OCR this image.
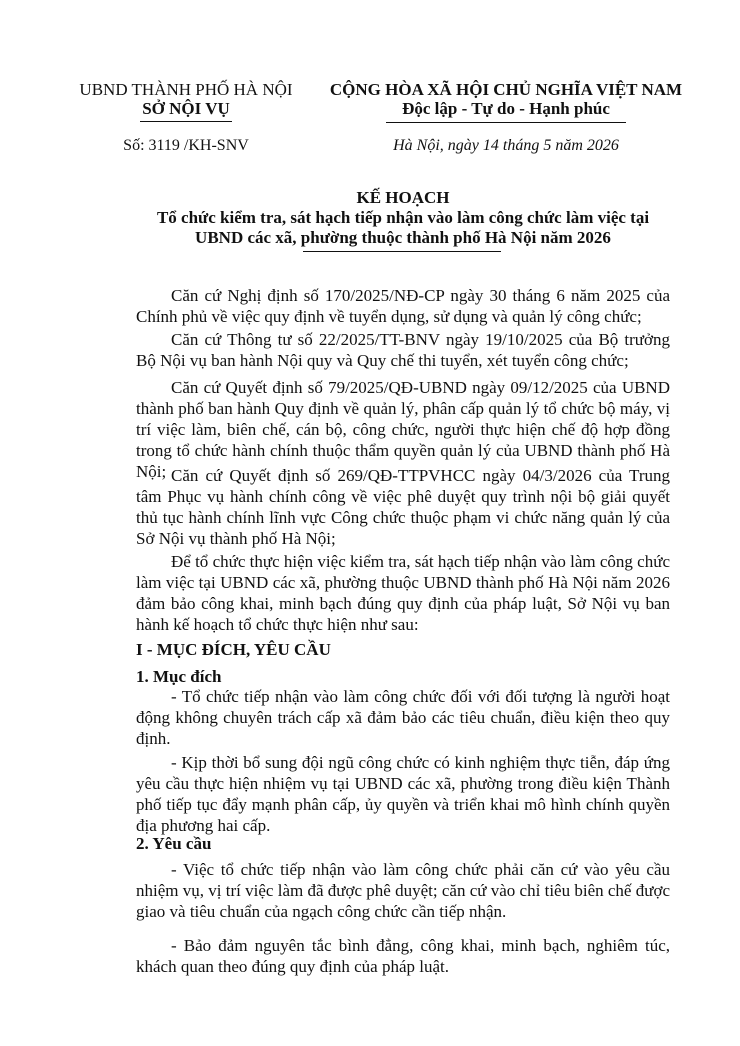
UBND THÀNH PHỐ HÀ NỘI
SỞ NỘI VỤ
Số: 3119 /KH-SNV
CỘNG HÒA XÃ HỘI CHỦ NGHĨA VIỆT NAM
Độc lập - Tự do - Hạnh phúc
Hà Nội, ngày 14 tháng 5 năm 2026
KẾ HOẠCH
Tổ chức kiểm tra, sát hạch tiếp nhận vào làm công chức làm việc tại
UBND các xã, phường thuộc thành phố Hà Nội năm 2026
Căn cứ Nghị định số 170/2025/NĐ-CP ngày 30 tháng 6 năm 2025 của Chính phủ về việc quy định về tuyển dụng, sử dụng và quản lý công chức;
Căn cứ Thông tư số 22/2025/TT-BNV ngày 19/10/2025 của Bộ trưởng Bộ Nội vụ ban hành Nội quy và Quy chế thi tuyển, xét tuyển công chức;
Căn cứ Quyết định số 79/2025/QĐ-UBND ngày 09/12/2025 của UBND thành phố ban hành Quy định về quản lý, phân cấp quản lý tổ chức bộ máy, vị trí việc làm, biên chế, cán bộ, công chức, người thực hiện chế độ hợp đồng trong tổ chức hành chính thuộc thẩm quyền quản lý của UBND thành phố Hà Nội; Căn cứ Quyết định số 269/QĐ-TTPVHCC ngày 04/3/2026 của Trung tâm Phục vụ hành chính công về việc phê duyệt quy trình nội bộ giải quyết thủ tục hành chính lĩnh vực Công chức thuộc phạm vi chức năng quản lý của Sở Nội vụ thành phố Hà Nội;
Để tổ chức thực hiện việc kiểm tra, sát hạch tiếp nhận vào làm công chức làm việc tại UBND các xã, phường thuộc UBND thành phố Hà Nội năm 2026 đảm bảo công khai, minh bạch đúng quy định của pháp luật, Sở Nội vụ ban hành kế hoạch tổ chức thực hiện như sau:
I - MỤC ĐÍCH, YÊU CẦU
1. Mục đích
- Tổ chức tiếp nhận vào làm công chức đối với đối tượng là người hoạt động không chuyên trách cấp xã đảm bảo các tiêu chuẩn, điều kiện theo quy định.
- Kịp thời bổ sung đội ngũ công chức có kinh nghiệm thực tiễn, đáp ứng yêu cầu thực hiện nhiệm vụ tại UBND các xã, phường trong điều kiện Thành phố tiếp tục đẩy mạnh phân cấp, ủy quyền và triển khai mô hình chính quyền địa phương hai cấp.
2. Yêu cầu
- Việc tổ chức tiếp nhận vào làm công chức phải căn cứ vào yêu cầu nhiệm vụ, vị trí việc làm đã được phê duyệt; căn cứ vào chỉ tiêu biên chế được giao và tiêu chuẩn của ngạch công chức cần tiếp nhận.
- Bảo đảm nguyên tắc bình đẳng, công khai, minh bạch, nghiêm túc, khách quan theo đúng quy định của pháp luật.
